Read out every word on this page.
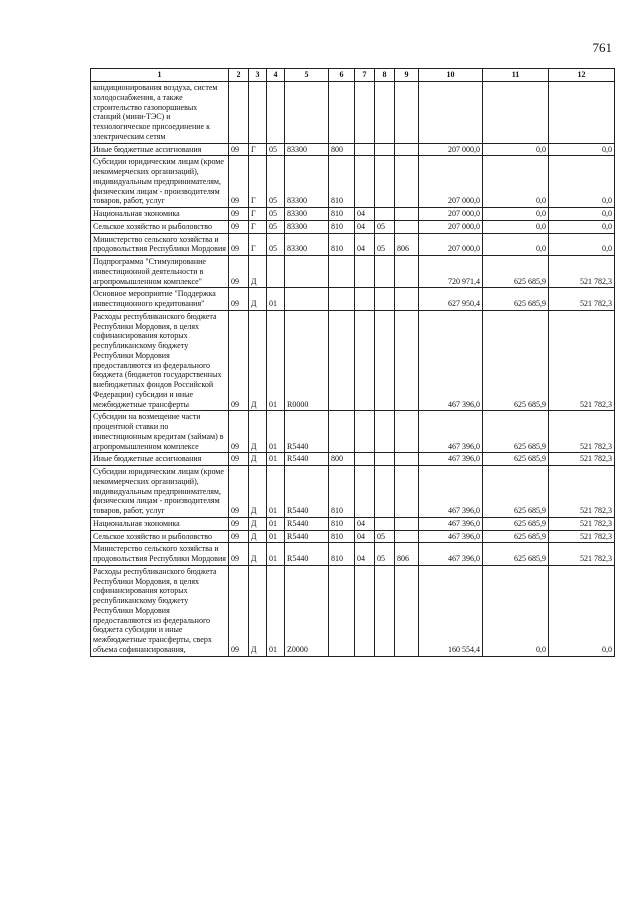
761
1	2	3	4	5	6	7	8	9	10	11	12
кондиционирования воздуха, систем холодоснабжения, а также строительство газопоршневых станций (мини-ТЭС) и технологическое присоединение к электрическим сетям											
Иные бюджетные ассигнования	09	Г	05	83300	800				207 000,0	0,0	0,0
Субсидии юридическим лицам (кроме некоммерческих организаций), индивидуальным предпринимателям, физическим лицам - производителям товаров, работ, услуг	09	Г	05	83300	810				207 000,0	0,0	0,0
Национальная экономика	09	Г	05	83300	810	04			207 000,0	0,0	0,0
Сельское хозяйство и рыболовство	09	Г	05	83300	810	04	05		207 000,0	0,0	0,0
Министерство сельского хозяйства и продовольствия Республики Мордовия	09	Г	05	83300	810	04	05	806	207 000,0	0,0	0,0
Подпрограмма "Стимулирование инвестиционной деятельности в агропромышленном комплексе"	09	Д							720 971,4	625 685,9	521 782,3
Основное мероприятие "Поддержка инвестиционного кредитования"	09	Д	01						627 950,4	625 685,9	521 782,3
Расходы республиканского бюджета Республики Мордовия, в целях софинансирования которых республиканскому бюджету Республики Мордовия предоставляются из федерального бюджета (бюджетов государственных внебюджетных фондов Российской Федерации) субсидии и иные межбюджетные трансферты	09	Д	01	R0000					467 396,0	625 685,9	521 782,3
Субсидии на возмещение части процентной ставки по инвестиционным кредитам (займам) в агропромышленном комплексе	09	Д	01	R5440					467 396,0	625 685,9	521 782,3
Иные бюджетные ассигнования	09	Д	01	R5440	800				467 396,0	625 685,9	521 782,3
Субсидии юридическим лицам (кроме некоммерческих организаций), индивидуальным предпринимателям, физическим лицам - производителям товаров, работ, услуг	09	Д	01	R5440	810				467 396,0	625 685,9	521 782,3
Национальная экономика	09	Д	01	R5440	810	04			467 396,0	625 685,9	521 782,3
Сельское хозяйство и рыболовство	09	Д	01	R5440	810	04	05		467 396,0	625 685,9	521 782,3
Министерство сельского хозяйства и продовольствия Республики Мордовия	09	Д	01	R5440	810	04	05	806	467 396,0	625 685,9	521 782,3
Расходы республиканского бюджета Республики Мордовия, в целях софинансирования которых республиканскому бюджету Республики Мордовия предоставляются из федерального бюджета субсидии и иные межбюджетные трансферты, сверх объема софинансирования,	09	Д	01	Z0000					160 554,4	0,0	0,0
